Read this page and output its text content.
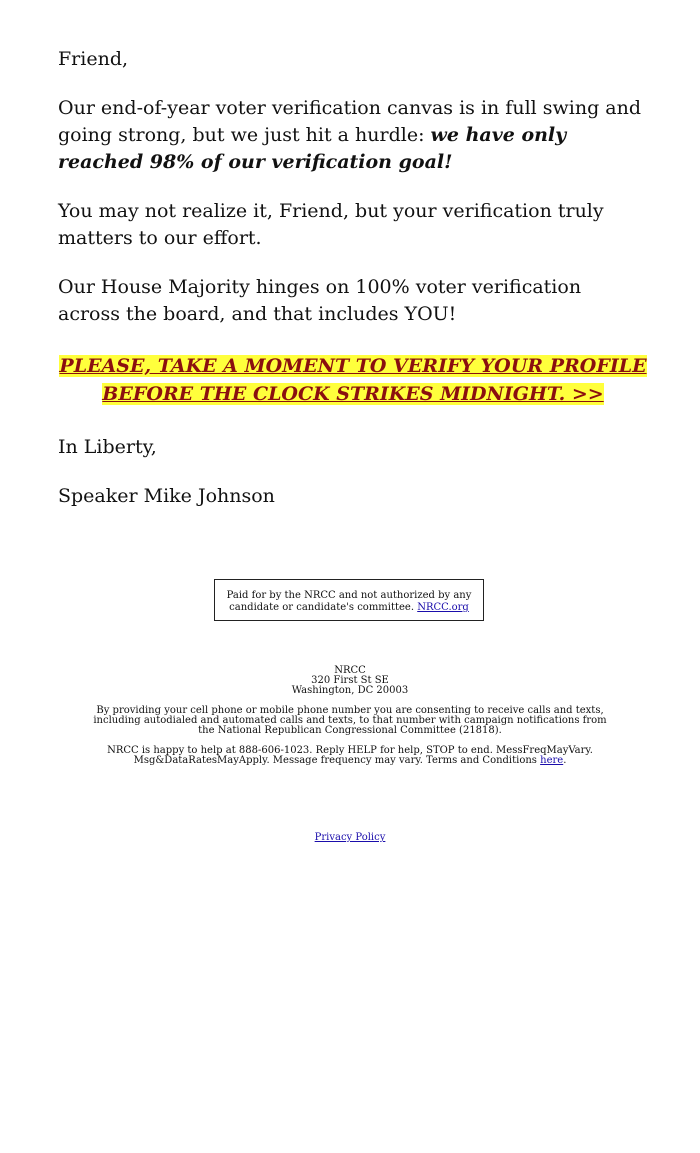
Friend,

Our end-of-year voter verification canvas is in full swing and going strong, but we just hit a hurdle: we have only reached 98% of our verification goal!

You may not realize it, Friend, but your verification truly matters to our effort.

Our House Majority hinges on 100% voter verification across the board, and that includes YOU!

PLEASE, TAKE A MOMENT TO VERIFY YOUR PROFILE BEFORE THE CLOCK STRIKES MIDNIGHT. >>

In Liberty,

Speaker Mike Johnson

Paid for by the NRCC and not authorized by any candidate or candidate's committee. NRCC.org
NRCC
320 First St SE
Washington, DC 20003
By providing your cell phone or mobile phone number you are consenting to receive calls and texts, including autodialed and automated calls and texts, to that number with campaign notifications from the National Republican Congressional Committee (21818).
NRCC is happy to help at 888-606-1023. Reply HELP for help, STOP to end. MessFreqMayVary. Msg&DataRatesMayApply. Message frequency may vary. Terms and Conditions here.
Privacy Policy
